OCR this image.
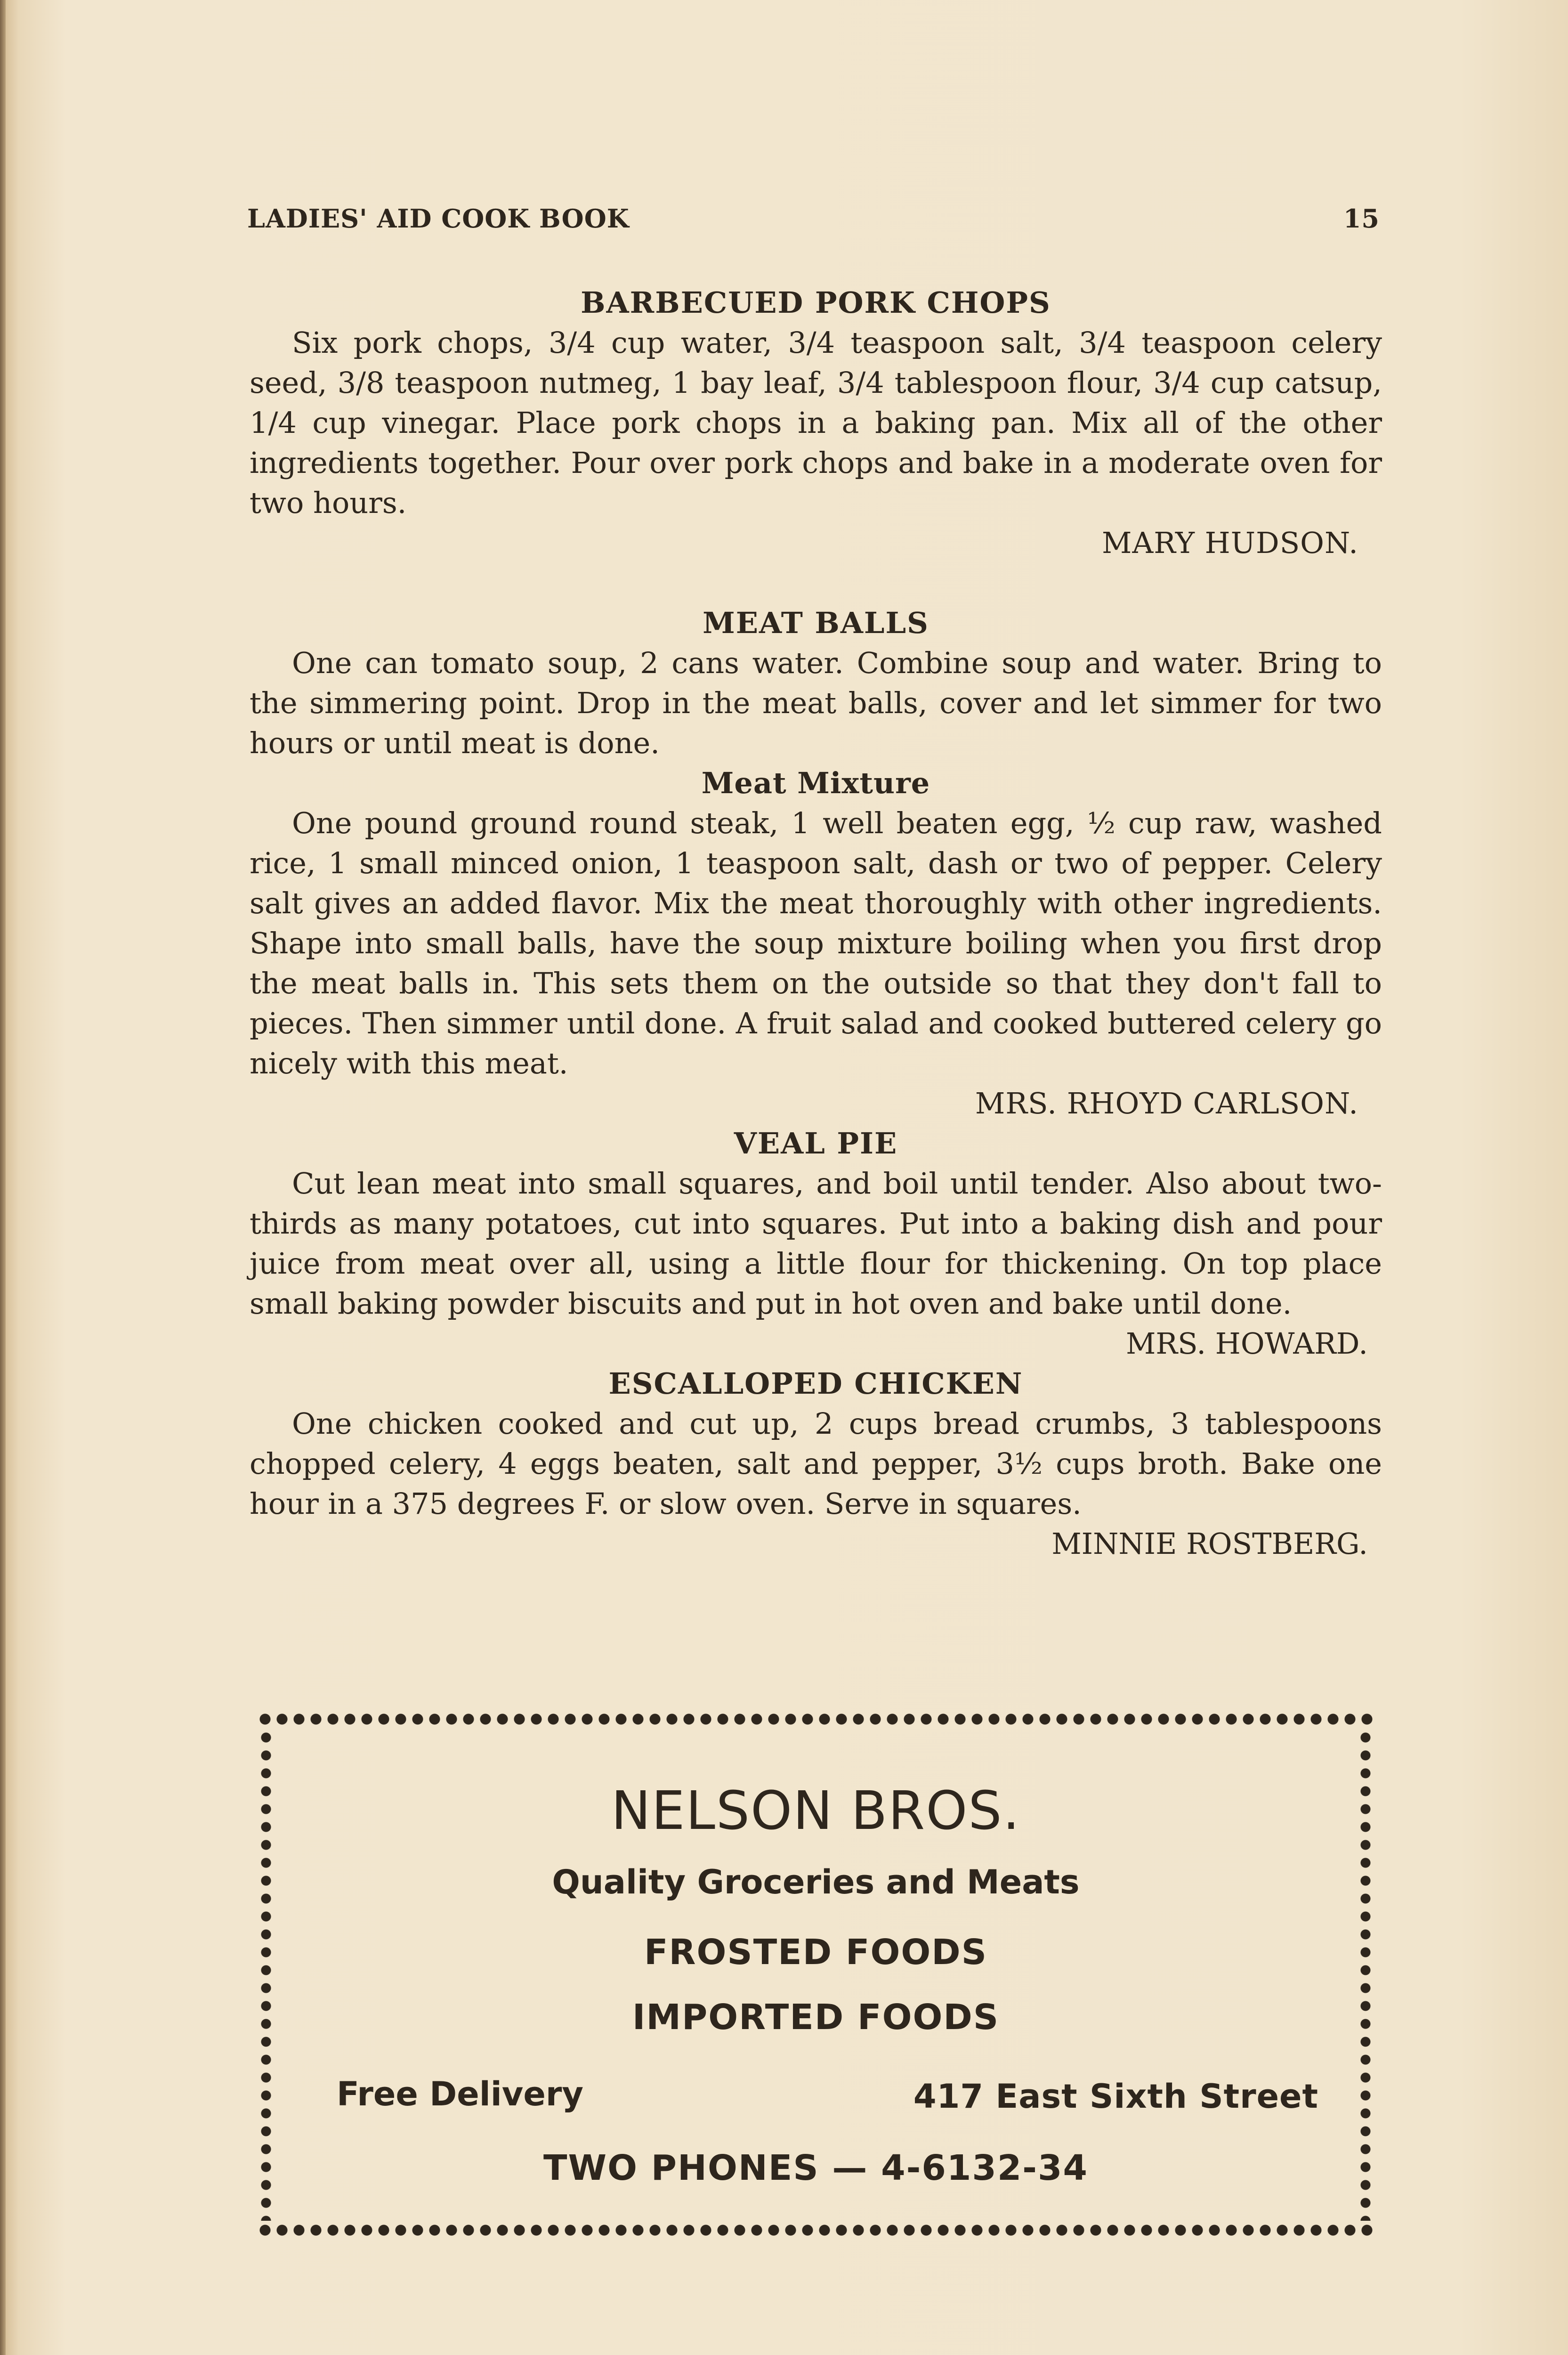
LADIES' AID COOK BOOK	15

BARBECUED PORK CHOPS

Six pork chops, 3/4 cup water, 3/4 teaspoon salt, 3/4 teaspoon celery seed, 3/8 teaspoon nutmeg, 1 bay leaf, 3/4 tablespoon flour, 3/4 cup catsup, 1/4 cup vinegar. Place pork chops in a baking pan. Mix all of the other ingredients together. Pour over pork chops and bake in a moderate oven for two hours.

MARY HUDSON.

MEAT BALLS

One can tomato soup, 2 cans water. Combine soup and water. Bring to the simmering point. Drop in the meat balls, cover and let simmer for two hours or until meat is done.

Meat Mixture

One pound ground round steak, 1 well beaten egg, ½ cup raw, washed rice, 1 small minced onion, 1 teaspoon salt, dash or two of pepper. Celery salt gives an added flavor. Mix the meat thoroughly with other ingredients. Shape into small balls, have the soup mixture boiling when you first drop the meat balls in. This sets them on the outside so that they don't fall to pieces. Then simmer until done. A fruit salad and cooked buttered celery go nicely with this meat.

MRS. RHOYD CARLSON.

VEAL PIE

Cut lean meat into small squares, and boil until tender. Also about two-thirds as many potatoes, cut into squares. Put into a baking dish and pour juice from meat over all, using a little flour for thickening. On top place small baking powder biscuits and put in hot oven and bake until done.
MRS. HOWARD.

ESCALLOPED CHICKEN

One chicken cooked and cut up, 2 cups bread crumbs, 3 tablespoons chopped celery, 4 eggs beaten, salt and pepper, 3½ cups broth. Bake one hour in a 375 degrees F. or slow oven. Serve in squares.
MINNIE ROSTBERG.

NELSON BROS.
Quality Groceries and Meats
FROSTED FOODS
IMPORTED FOODS
Free Delivery	417 East Sixth Street
TWO PHONES — 4-6132-34
